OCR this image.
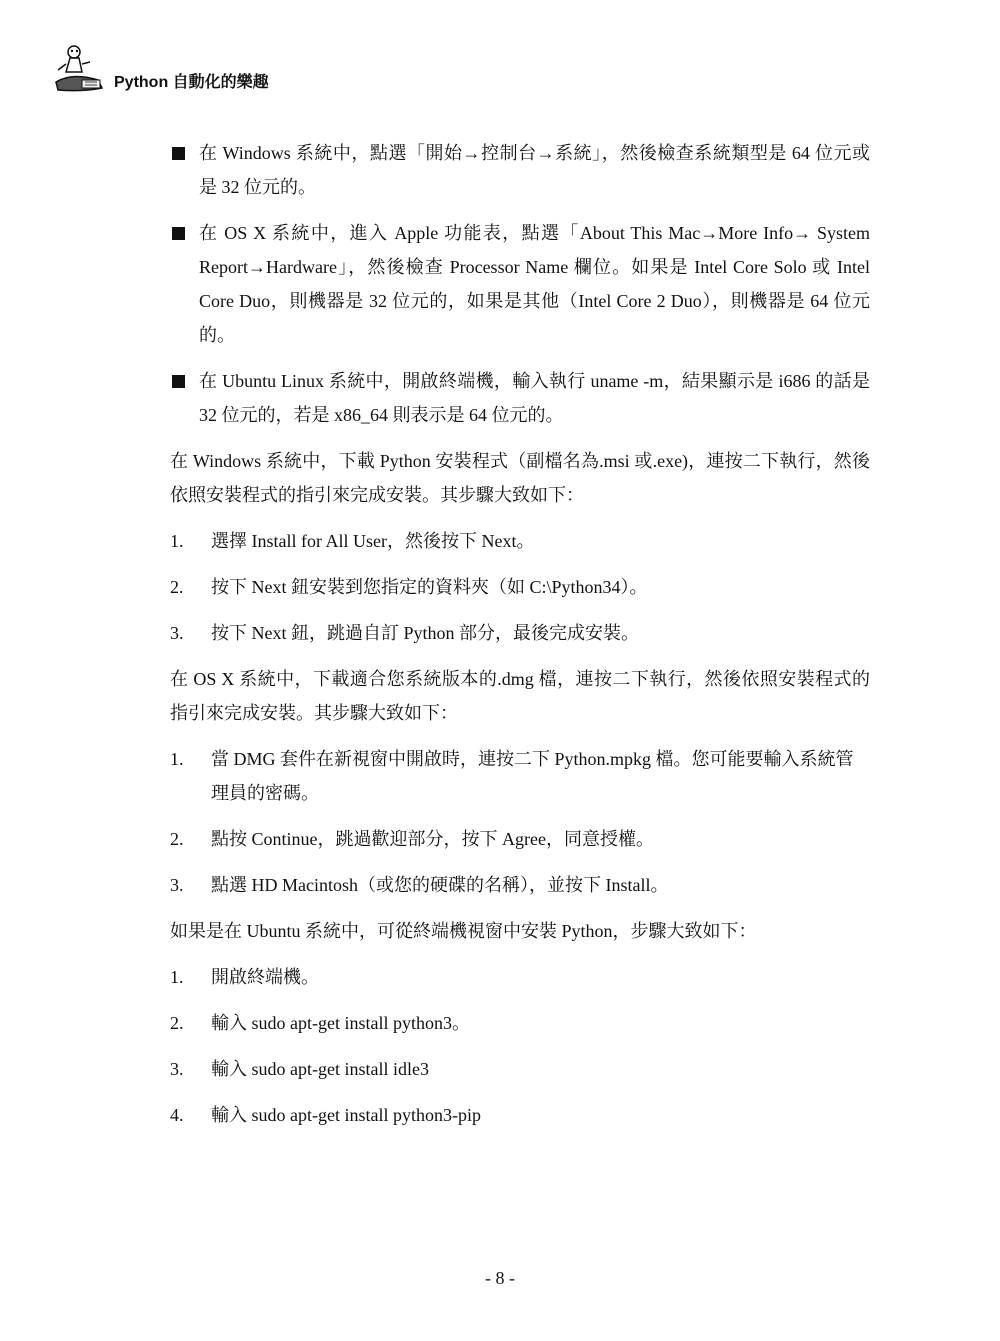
Python 自動化的樂趣
在 Windows 系統中，點選「開始→控制台→系統」，然後檢查系統類型是 64 位元或是 32 位元的。
在 OS X 系統中，進入 Apple 功能表，點選「About This Mac→More Info→ System Report→Hardware」，然後檢查 Processor Name 欄位。如果是 Intel Core Solo 或 Intel Core Duo，則機器是 32 位元的，如果是其他（Intel Core 2 Duo），則機器是 64 位元的。
在 Ubuntu Linux 系統中，開啟終端機，輸入執行 uname -m，結果顯示是 i686 的話是 32 位元的，若是 x86_64 則表示是 64 位元的。

在 Windows 系統中，下載 Python 安裝程式（副檔名為.msi 或.exe)，連按二下執行，然後依照安裝程式的指引來完成安裝。其步驟大致如下：

1. 選擇 Install for All User，然後按下 Next。
2. 按下 Next 鈕安裝到您指定的資料夾（如 C:\Python34）。
3. 按下 Next 鈕，跳過自訂 Python 部分，最後完成安裝。

在 OS X 系統中，下載適合您系統版本的.dmg 檔，連按二下執行，然後依照安裝程式的指引來完成安裝。其步驟大致如下：

1. 當 DMG 套件在新視窗中開啟時，連按二下 Python.mpkg 檔。您可能要輸入系統管理員的密碼。
2. 點按 Continue，跳過歡迎部分，按下 Agree，同意授權。
3. 點選 HD Macintosh（或您的硬碟的名稱），並按下 Install。

如果是在 Ubuntu 系統中，可從終端機視窗中安裝 Python，步驟大致如下：

1. 開啟終端機。
2. 輸入 sudo apt-get install python3。
3. 輸入 sudo apt-get install idle3
4. 輸入 sudo apt-get install python3-pip
- 8 -
